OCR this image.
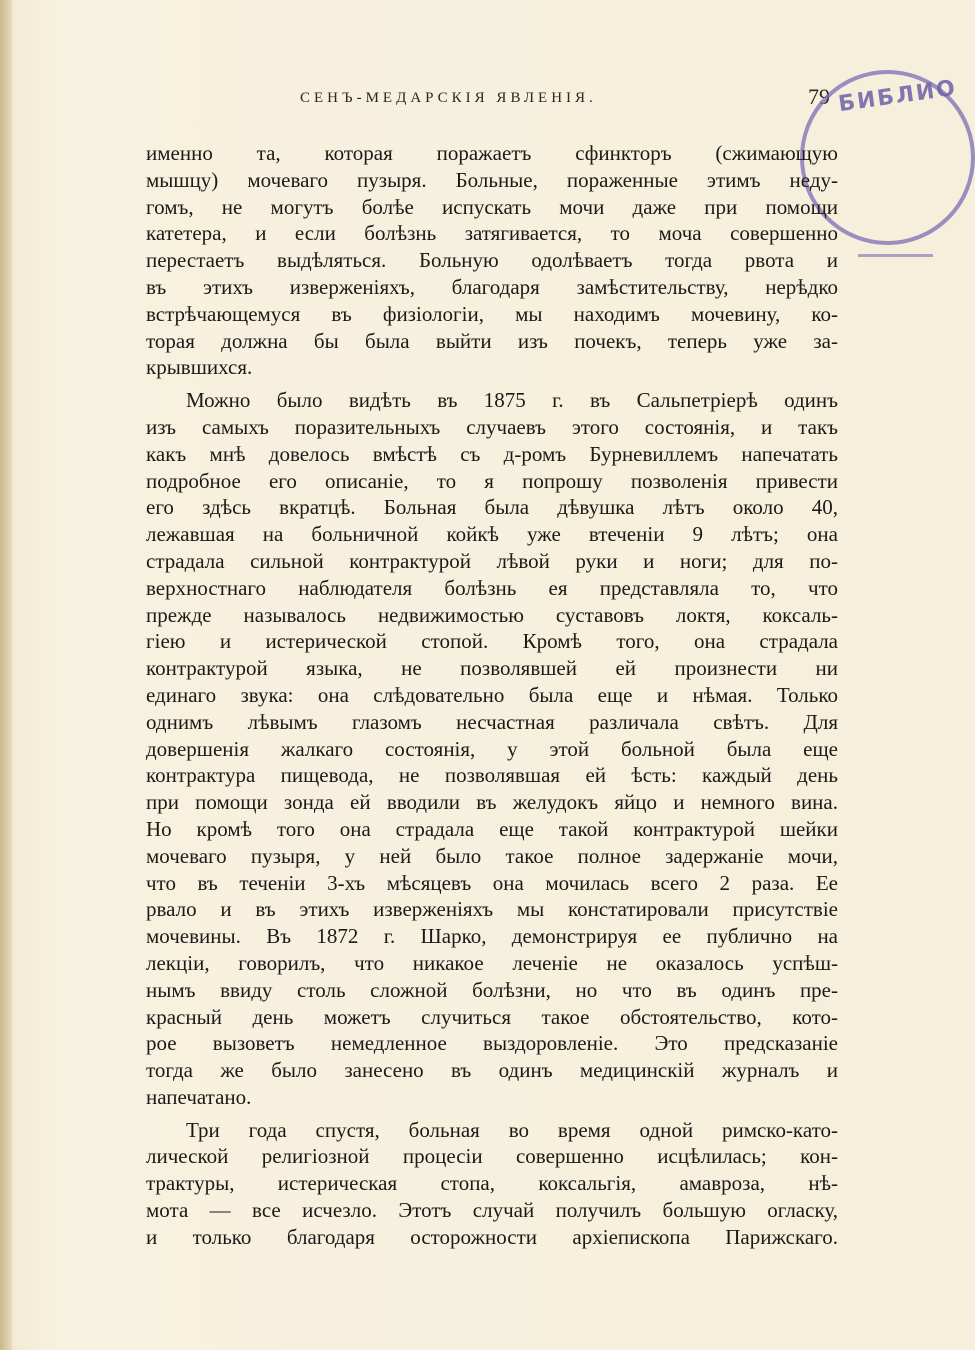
СЕНЪ-МЕДАРСКІЯ ЯВЛЕНІЯ.	79 БИБЛИО
именно та, которая поражаетъ сфинкторъ (сжимающую
мышцу) мочеваго пузыря. Больные, пораженные этимъ неду-
гомъ, не могутъ болѣе испускать мочи даже при помощи
катетера, и если болѣзнь затягивается, то моча совершенно
перестаетъ выдѣляться. Больную одолѣваетъ тогда рвота и
въ этихъ изверженіяхъ, благодаря замѣстительству, нерѣдко
встрѣчающемуся въ физіологіи, мы находимъ мочевину, ко-
торая должна бы была выйти изъ почекъ, теперь уже за-
крывшихся.
Можно было видѣть въ 1875 г. въ Сальпетріерѣ одинъ
изъ самыхъ поразительныхъ случаевъ этого состоянія, и такъ
какъ мнѣ довелось вмѣстѣ съ д-ромъ Бурневиллемъ напечатать
подробное его описаніе, то я попрошу позволенія привести
его здѣсь вкратцѣ. Больная была дѣвушка лѣтъ около 40,
лежавшая на больничной койкѣ уже втеченіи 9 лѣтъ; она
страдала сильной контрактурой лѣвой руки и ноги; для по-
верхностнаго наблюдателя болѣзнь ея представляла то, что
прежде называлось недвижимостью суставовъ локтя, коксаль-
гіею и истерической стопой. Кромѣ того, она страдала
контрактурой языка, не позволявшей ей произнести ни
единаго звука: она слѣдовательно была еще и нѣмая. Только
однимъ лѣвымъ глазомъ несчастная различала свѣтъ. Для
довершенія жалкаго состоянія, у этой больной была еще
контрактура пищевода, не позволявшая ей ѣсть: каждый день
при помощи зонда ей вводили въ желудокъ яйцо и немного вина.
Но кромѣ того она страдала еще такой контрактурой шейки
мочеваго пузыря, у ней было такое полное задержаніе мочи,
что въ теченіи 3-хъ мѣсяцевъ она мочилась всего 2 раза. Ее
рвало и въ этихъ изверженіяхъ мы констатировали присутствіе
мочевины. Въ 1872 г. Шарко, демонстрируя ее публично на
лекціи, говорилъ, что никакое леченіе не оказалось успѣш-
нымъ ввиду столь сложной болѣзни, но что въ одинъ пре-
красный день можетъ случиться такое обстоятельство, кото-
рое вызоветъ немедленное выздоровленіе. Это предсказаніе
тогда же было занесено въ одинъ медицинскій журналъ и
напечатано.
Три года спустя, больная во время одной римско-като-
лической религіозной процесіи совершенно исцѣлилась; кон-
трактуры, истерическая стопа, коксальгія, амавроза, нѣ-
мота — все исчезло. Этотъ случай получилъ большую огласку,
и только благодаря осторожности архіепископа Парижскаго.
